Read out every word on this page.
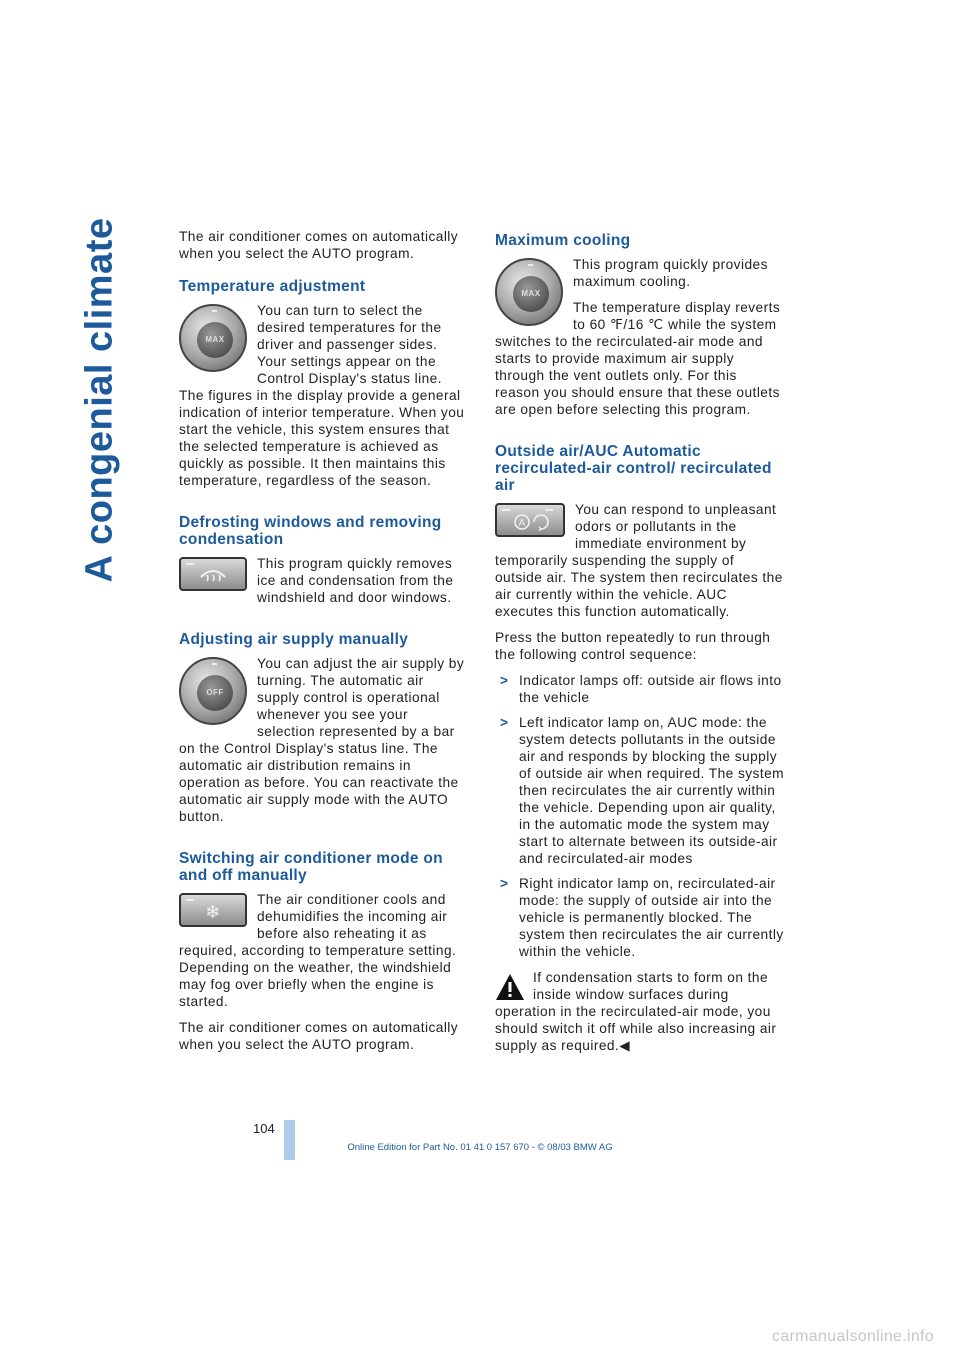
A congenial climate	The air conditioner comes on automatically when you select the AUTO program.

Temperature adjustment
MAX

You can turn to select the desired temperatures for the driver and passenger sides. Your settings appear on the Control Display's status line. The figures in the display provide a general indication of interior temperature. When you start the vehicle, this system ensures that the selected temperature is achieved as quickly as possible. It then maintains this temperature, regardless of the season.

Defrosting windows and removing condensation

This program quickly removes ice and condensation from the windshield and door windows.

Adjusting air supply manually
OFF

You can adjust the air supply by turning. The automatic air supply control is operational whenever you see your selection represented by a bar on the Control Display's status line. The automatic air distribution remains in operation as before. You can reactivate the automatic air supply mode with the AUTO button.

Switching air conditioner mode on and off manually
❄

The air conditioner cools and dehumidifies the incoming air before also reheating it as required, according to temperature setting. Depending on the weather, the windshield may fog over briefly when the engine is started.

The air conditioner comes on automatically when you select the AUTO program.

Maximum cooling
MAX

This program quickly provides maximum cooling.

The temperature display reverts to 60 ℉/16 ℃ while the system switches to the recirculated-air mode and starts to provide maximum air supply through the vent outlets only. For this reason you should ensure that these outlets are open before selecting this program.

Outside air/AUC Automatic recirculated-air control/ recirculated air
A

You can respond to unpleasant odors or pollutants in the immediate environment by temporarily suspending the supply of outside air. The system then recirculates the air currently within the vehicle. AUC executes this function automatically.

Press the button repeatedly to run through the following control sequence:

> Indicator lamps off: outside air flows into the vehicle
> Left indicator lamp on, AUC mode: the system detects pollutants in the outside air and responds by blocking the supply of outside air when required. The system then recirculates the air currently within the vehicle. Depending upon air quality, in the automatic mode the system may start to alternate between its outside-air and recirculated-air modes
> Right indicator lamp on, recirculated-air mode: the supply of outside air into the vehicle is permanently blocked. The system then recirculates the air currently within the vehicle.

If condensation starts to form on the inside window surfaces during operation in the recirculated-air mode, you should switch it off while also increasing air supply as required.◀

104
Online Edition for Part No. 01 41 0 157 670 - © 08/03 BMW AG
carmanualsonline.info
